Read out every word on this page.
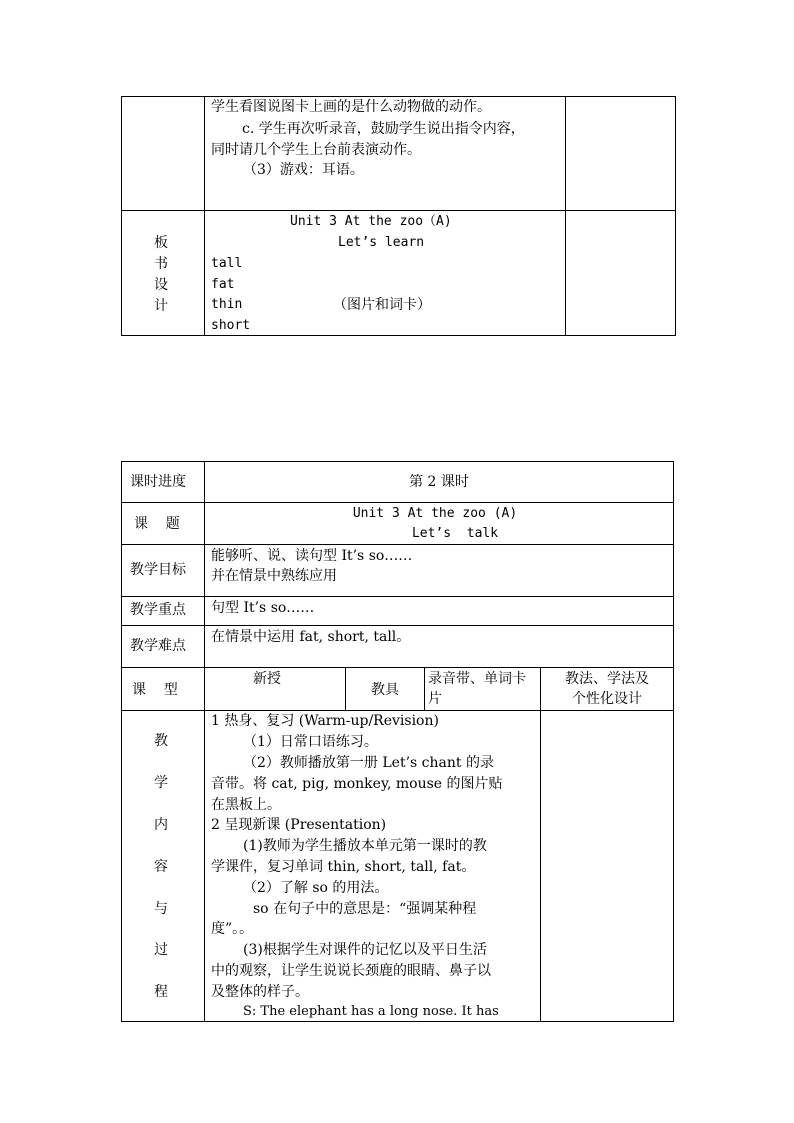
学生看图说图卡上画的是什么动物做的动作。
c. 学生再次听录音，鼓励学生说出指令内容，
同时请几个学生上台前表演动作。
（3）游戏：耳语。
板
书
设
计
Unit 3 At the zoo（A)
Let’s learn
tall
fat
thin	（图片和词卡）
short
课时进度	第 2 课时
课    题
Unit 3 At the zoo (A)
Let’s  talk
教学目标
能够听、说、读句型 It’s so……
并在情景中熟练应用
教学重点 句型 It’s so……
教学难点
在情景中运用 fat, short, tall。
课    型
新授
教具
录音带、单词卡
片
教法、学法及
个性化设计
教
学
内
容
与
过
程
1 热身、复习 (Warm-up/Revision)
（1）日常口语练习。
（2）教师播放第一册 Let’s chant 的录
音带。将 cat, pig, monkey, mouse 的图片贴
在黑板上。
2 呈现新课 (Presentation)
(1)教师为学生播放本单元第一课时的教
学课件，复习单词 thin, short, tall, fat。
（2）了解 so 的用法。
so 在句子中的意思是：“强调某种程
度”。。
(3)根据学生对课件的记忆以及平日生活
中的观察，让学生说说长颈鹿的眼睛、鼻子以
及整体的样子。
S: The elephant has a long nose. It has
